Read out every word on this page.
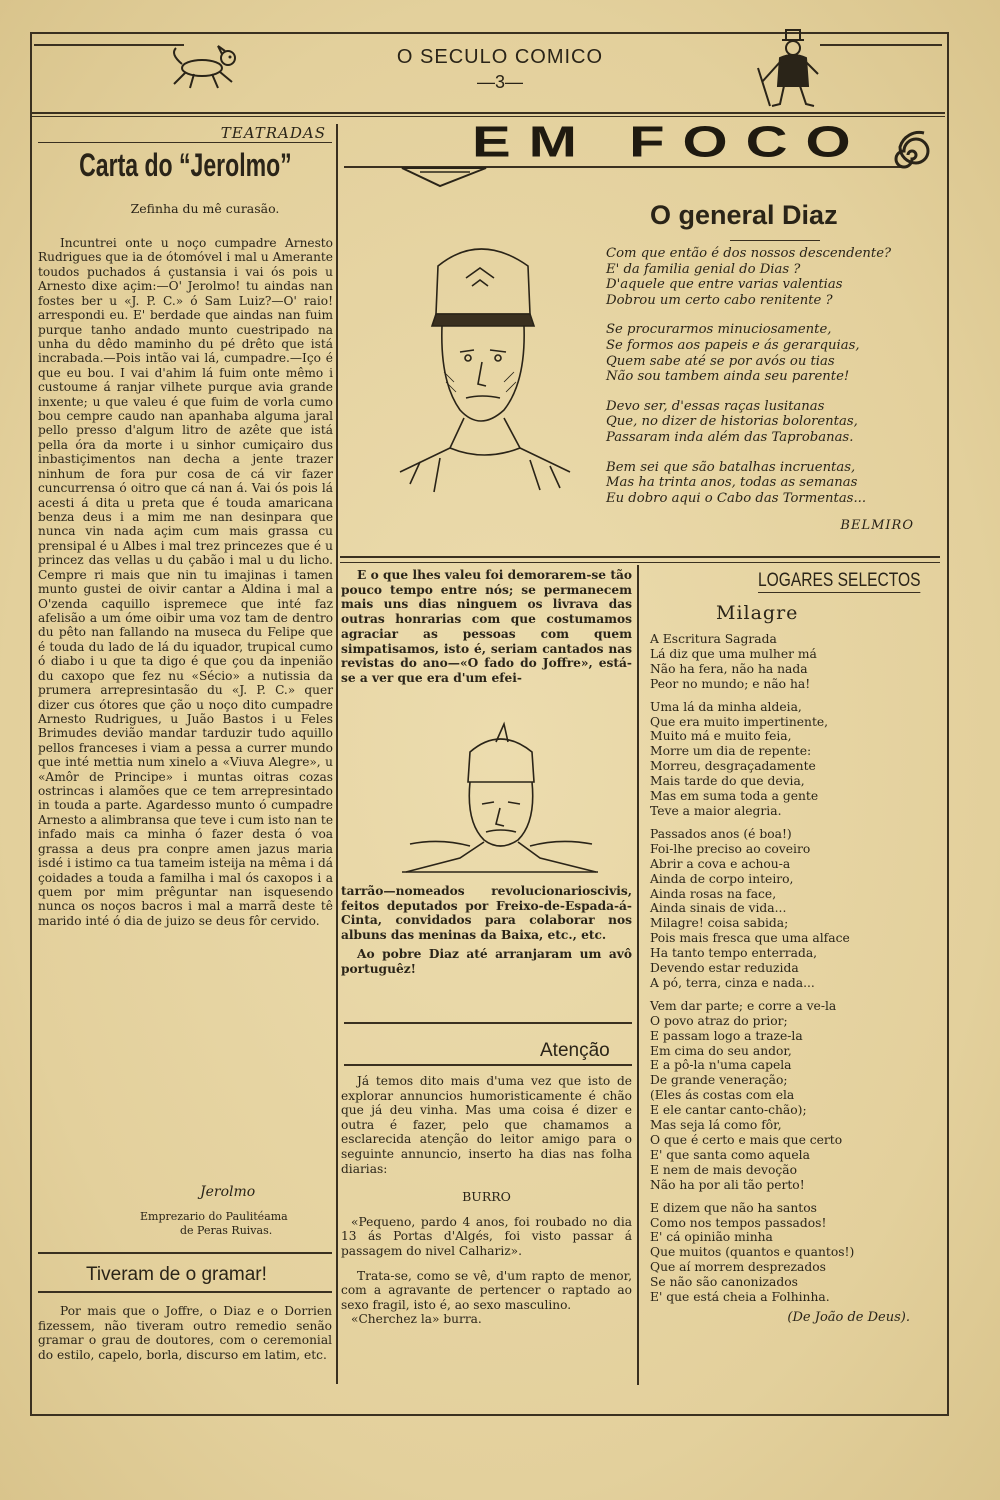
O SECULO COMICO
—3—
TEATRADAS
Carta do “Jerolmo”
Zefinha du mê curasão.

Incuntrei onte u noço cumpadre Arnesto Rudrigues que ia de ótomóvel i mal u Amerante toudos puchados á çustansia i vai ós pois u Arnesto dixe açim:—O' Jerolmo! tu aindas nan fostes ber u «J. P. C.» ó Sam Luiz?—O' raio! arrespondi eu. E' berdade que aindas nan fuim purque tanho andado munto cuestripado na unha du dêdo maminho du pé drêto que istá incrabada.—Pois intão vai lá, cumpadre.—Iço é que eu bou. I vai d'ahim lá fuim onte mêmo i custoume á ranjar vilhete purque avia grande inxente; u que valeu é que fuim de vorla cumo bou cempre caudo nan apanhaba alguma jaral pello presso d'algum litro de azête que istá pella óra da morte i u sinhor cumiçairo dus inbastiçimentos nan decha a jente trazer ninhum de fora pur cosa de cá vir fazer cuncurrensa ó oitro que cá nan á. Vai ós pois lá acesti á dita u preta que é touda amaricana benza deus i a mim me nan desinpara que nunca vin nada açim cum mais grassa cu prensipal é u Albes i mal trez princezes que é u princez das vellas u du çabão i mal u du licho. Cempre ri mais que nin tu imajinas i tamen munto gustei de oivir cantar a Aldina i mal a O'zenda caquillo ispremece que inté faz afelisão a um óme oibir uma voz tam de dentro du pêto nan fallando na museca du Felipe que é touda du lado de lá du iquador, trupical cumo ó diabo i u que ta digo é que çou da inpenião du caxopo que fez nu «Sécio» a nutissia da prumera arrepresintasão du «J. P. C.» quer dizer cus ótores que ção u noço dito cumpadre Arnesto Rudrigues, u Juão Bastos i u Feles Brimudes devião mandar tarduzir tudo aquillo pellos franceses i viam a pessa a currer mundo que inté mettia num xinelo a «Viuva Alegre», u «Amôr de Principe» i muntas oitras cozas ostrincas i alamões que ce tem arrepresintado in touda a parte. Agardesso munto ó cumpadre Arnesto a alimbransa que teve i cum isto nan te infado mais ca minha ó fazer desta ó voa grassa a deus pra conpre amen jazus maria isdé i istimo ca tua tameim isteija na mêma i dá çoidades a touda a familha i mal ós caxopos i a quem por mim prêguntar nan isquesendo nunca os noços bacros i mal a marrã deste tê marido inté ó dia de juizo se deus fôr cervido.

Jerolmo
Emprezario do Paulitéama
de Peras Ruivas.
Tiveram de o gramar!

Por mais que o Joffre, o Diaz e o Dorrien fizessem, não tiveram outro remedio senão gramar o grau de doutores, com o ceremonial do estilo, capelo, borla, discurso em latim, etc.

EM FOCO
O general Diaz
Com que então é dos nossos descendente?
E' da familia genial do Dias ?
D'aquele que entre varias valentias
Dobrou um certo cabo renitente ?
Se procurarmos minuciosamente,
Se formos aos papeis e ás gerarquias,
Quem sabe até se por avós ou tias
Não sou tambem ainda seu parente!
Devo ser, d'essas raças lusitanas
Que, no dizer de historias bolorentas,
Passaram inda além das Taprobanas.
Bem sei que são batalhas incruentas,
Mas ha trinta anos, todas as semanas
Eu dobro aqui o Cabo das Tormentas...
BELMIRO

E o que lhes valeu foi demorarem-se tão pouco tempo entre nós; se permanecem mais uns dias ninguem os livrava das outras honrarias com que costumamos agraciar as pessoas com quem simpatisamos, isto é, seriam cantados nas revistas do ano—«O fado do Joffre», está-se a ver que era d'um efei-

tarrão—nomeados revolucionarioscivis, feitos deputados por Freixo-de-Espada-á-Cinta, convidados para colaborar nos albuns das meninas da Baixa, etc., etc.

Ao pobre Diaz até arranjaram um avô portuguêz!

Atenção

Já temos dito mais d'uma vez que isto de explorar annuncios humoristicamente é chão que já deu vinha. Mas uma coisa é dizer e outra é fazer, pelo que chamamos a esclarecida atenção do leitor amigo para o seguinte annuncio, inserto ha dias nas folha diarias:

BURRO

«Pequeno, pardo 4 anos, foi roubado no dia 13 ás Portas d'Algés, foi visto passar á passagem do nivel Calhariz».

Trata-se, como se vê, d'um rapto de menor, com a agravante de pertencer o raptado ao sexo fragil, isto é, ao sexo masculino.

«Cherchez la» burra.

LOGARES SELECTOS
Milagre
A Escritura Sagrada
Lá diz que uma mulher má
Não ha fera, não ha nada
Peor no mundo; e não ha!
Uma lá da minha aldeia,
Que era muito impertinente,
Muito má e muito feia,
Morre um dia de repente:
Morreu, desgraçadamente
Mais tarde do que devia,
Mas em suma toda a gente
Teve a maior alegria.
Passados anos (é boa!)
Foi-lhe preciso ao coveiro
Abrir a cova e achou-a
Ainda de corpo inteiro,
Ainda rosas na face,
Ainda sinais de vida...
Milagre! coisa sabida;
Pois mais fresca que uma alface
Ha tanto tempo enterrada,
Devendo estar reduzida
A pó, terra, cinza e nada...
Vem dar parte; e corre a ve-la
O povo atraz do prior;
E passam logo a traze-la
Em cima do seu andor,
E a pô-la n'uma capela
De grande veneração;
(Eles ás costas com ela
E ele cantar canto-chão);
Mas seja lá como fôr,
O que é certo e mais que certo
E' que santa como aquela
E nem de mais devoção
Não ha por ali tão perto!
E dizem que não ha santos
Como nos tempos passados!
E' cá opinião minha
Que muitos (quantos e quantos!)
Que aí morrem desprezados
Se não são canonizados
E' que está cheia a Folhinha.
(De João de Deus).
